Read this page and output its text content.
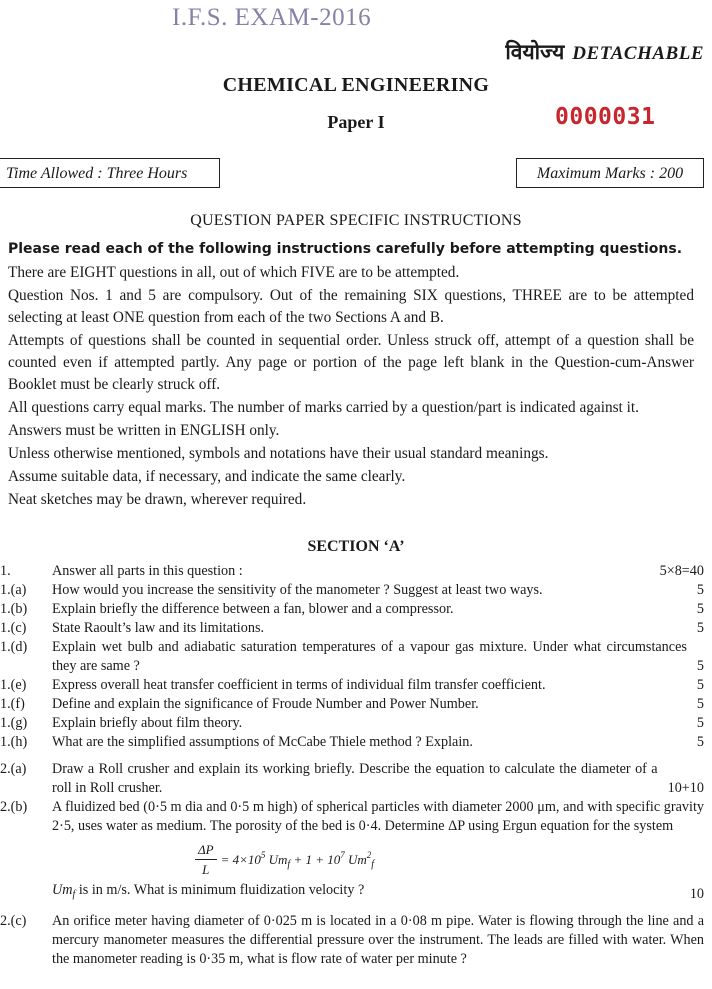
I.F.S. EXAM-2016
वियोज्य DETACHABLE
CHEMICAL ENGINEERING
Paper I	0000031
Time Allowed : Three Hours	Maximum Marks : 200
QUESTION PAPER SPECIFIC INSTRUCTIONS

Please read each of the following instructions carefully before attempting questions.

There are EIGHT questions in all, out of which FIVE are to be attempted.

Question Nos. 1 and 5 are compulsory. Out of the remaining SIX questions, THREE are to be attempted selecting at least ONE question from each of the two Sections A and B.

Attempts of questions shall be counted in sequential order. Unless struck off, attempt of a question shall be counted even if attempted partly. Any page or portion of the page left blank in the Question-cum-Answer Booklet must be clearly struck off.

All questions carry equal marks. The number of marks carried by a question/part is indicated against it.

Answers must be written in ENGLISH only.

Unless otherwise mentioned, symbols and notations have their usual standard meanings.

Assume suitable data, if necessary, and indicate the same clearly.

Neat sketches may be drawn, wherever required.

SECTION ‘A’
1.	Answer all parts in this question :	5×8=40
1.(a)	How would you increase the sensitivity of the manometer ? Suggest at least two ways.	5
1.(b)	Explain briefly the difference between a fan, blower and a compressor.	5
1.(c)	State Raoult’s law and its limitations.	5
1.(d)	Explain wet bulb and adiabatic saturation temperatures of a vapour gas mixture. Under what circumstances they are same ?	5
1.(e)	Express overall heat transfer coefficient in terms of individual film transfer coefficient.	5
1.(f)	Define and explain the significance of Froude Number and Power Number.	5
1.(g)	Explain briefly about film theory.	5
1.(h)	What are the simplified assumptions of McCabe Thiele method ? Explain.	5
2.(a)	Draw a Roll crusher and explain its working briefly. Describe the equation to calculate the diameter of a roll in Roll crusher.	10+10
2.(b)	A fluidized bed (0·5 m dia and 0·5 m high) of spherical particles with diameter 2000 μm, and with specific gravity 2·5, uses water as medium. The porosity of the bed is 0·4. Determine ΔP using Ergun equation for the system
$\frac{\Delta P}{L} = 4\times 10^5$ $Um_f + 1 + 10^7$ $Um^2_f$
$Um_f$ is in m/s. What is minimum fluidization velocity ?	10
2.(c)	An orifice meter having diameter of 0·025 m is located in a 0·08 m pipe. Water is flowing through the line and a mercury manometer measures the differential pressure over the instrument. The leads are filled with water. When the manometer reading is 0·35 m, what is flow rate of water per minute ?
